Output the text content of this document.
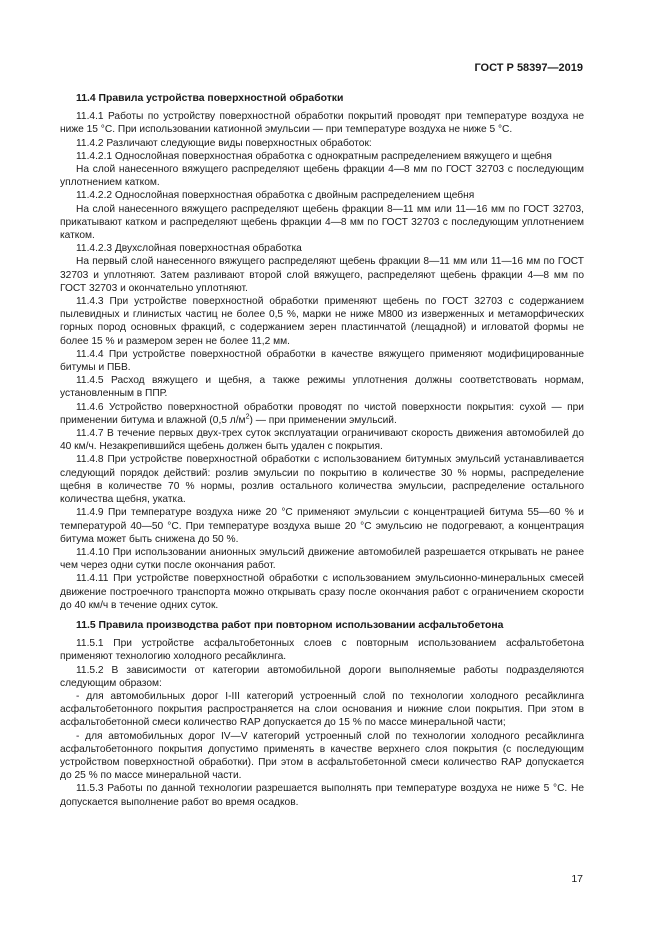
ГОСТ Р 58397—2019
11.4 Правила устройства поверхностной обработки

11.4.1 Работы по устройству поверхностной обработки покрытий проводят при температуре воздуха не ниже 15 °С. При использовании катионной эмульсии — при температуре воздуха не ниже 5 °С.

11.4.2 Различают следующие виды поверхностных обработок:

11.4.2.1 Однослойная поверхностная обработка с однократным распределением вяжущего и щебня

На слой нанесенного вяжущего распределяют щебень фракции 4—8 мм по ГОСТ 32703 с последующим уплотнением катком.

11.4.2.2 Однослойная поверхностная обработка с двойным распределением щебня

На слой нанесенного вяжущего распределяют щебень фракции 8—11 мм или 11—16 мм по ГОСТ 32703, прикатывают катком и распределяют щебень фракции 4—8 мм по ГОСТ 32703 с последующим уплотнением катком.

11.4.2.3 Двухслойная поверхностная обработка

На первый слой нанесенного вяжущего распределяют щебень фракции 8—11 мм или 11—16 мм по ГОСТ 32703 и уплотняют. Затем разливают второй слой вяжущего, распределяют щебень фракции 4—8 мм по ГОСТ 32703 и окончательно уплотняют.

11.4.3 При устройстве поверхностной обработки применяют щебень по ГОСТ 32703 с содержанием пылевидных и глинистых частиц не более 0,5 %, марки не ниже М800 из изверженных и метаморфических горных пород основных фракций, с содержанием зерен пластинчатой (лещадной) и игловатой формы не более 15 % и размером зерен не более 11,2 мм.

11.4.4 При устройстве поверхностной обработки в качестве вяжущего применяют модифицированные битумы и ПБВ.

11.4.5 Расход вяжущего и щебня, а также режимы уплотнения должны соответствовать нормам, установленным в ППР.

11.4.6 Устройство поверхностной обработки проводят по чистой поверхности покрытия: сухой — при применении битума и влажной (0,5 $л/м^2$) — при применении эмульсий.

11.4.7 В течение первых двух-трех суток эксплуатации ограничивают скорость движения автомобилей до 40 км/ч. Незакрепившийся щебень должен быть удален с покрытия.

11.4.8 При устройстве поверхностной обработки с использованием битумных эмульсий устанавливается следующий порядок действий: розлив эмульсии по покрытию в количестве 30 % нормы, распределение щебня в количестве 70 % нормы, розлив остального количества эмульсии, распределение остального количества щебня, укатка.

11.4.9 При температуре воздуха ниже 20 °С применяют эмульсии с концентрацией битума 55—60 % и температурой 40—50 °С. При температуре воздуха выше 20 °С эмульсию не подогревают, а концентрация битума может быть снижена до 50 %.

11.4.10 При использовании анионных эмульсий движение автомобилей разрешается открывать не ранее чем через одни сутки после окончания работ.

11.4.11 При устройстве поверхностной обработки с использованием эмульсионно-минеральных смесей движение построечного транспорта можно открывать сразу после окончания работ с ограничением скорости до 40 км/ч в течение одних суток.

11.5 Правила производства работ при повторном использовании асфальтобетона

11.5.1 При устройстве асфальтобетонных слоев с повторным использованием асфальтобетона применяют технологию холодного ресайклинга.

11.5.2 В зависимости от категории автомобильной дороги выполняемые работы подразделяются следующим образом:

- для автомобильных дорог I-III категорий устроенный слой по технологии холодного ресайклинга асфальтобетонного покрытия распространяется на слои основания и нижние слои покрытия. При этом в асфальтобетонной смеси количество RAP допускается до 15 % по массе минеральной части;

- для автомобильных дорог IV—V категорий устроенный слой по технологии холодного ресайклинга асфальтобетонного покрытия допустимо применять в качестве верхнего слоя покрытия (с последующим устройством поверхностной обработки). При этом в асфальтобетонной смеси количество RAP допускается до 25 % по массе минеральной части.

11.5.3 Работы по данной технологии разрешается выполнять при температуре воздуха не ниже 5 °С. Не допускается выполнение работ во время осадков.

17
